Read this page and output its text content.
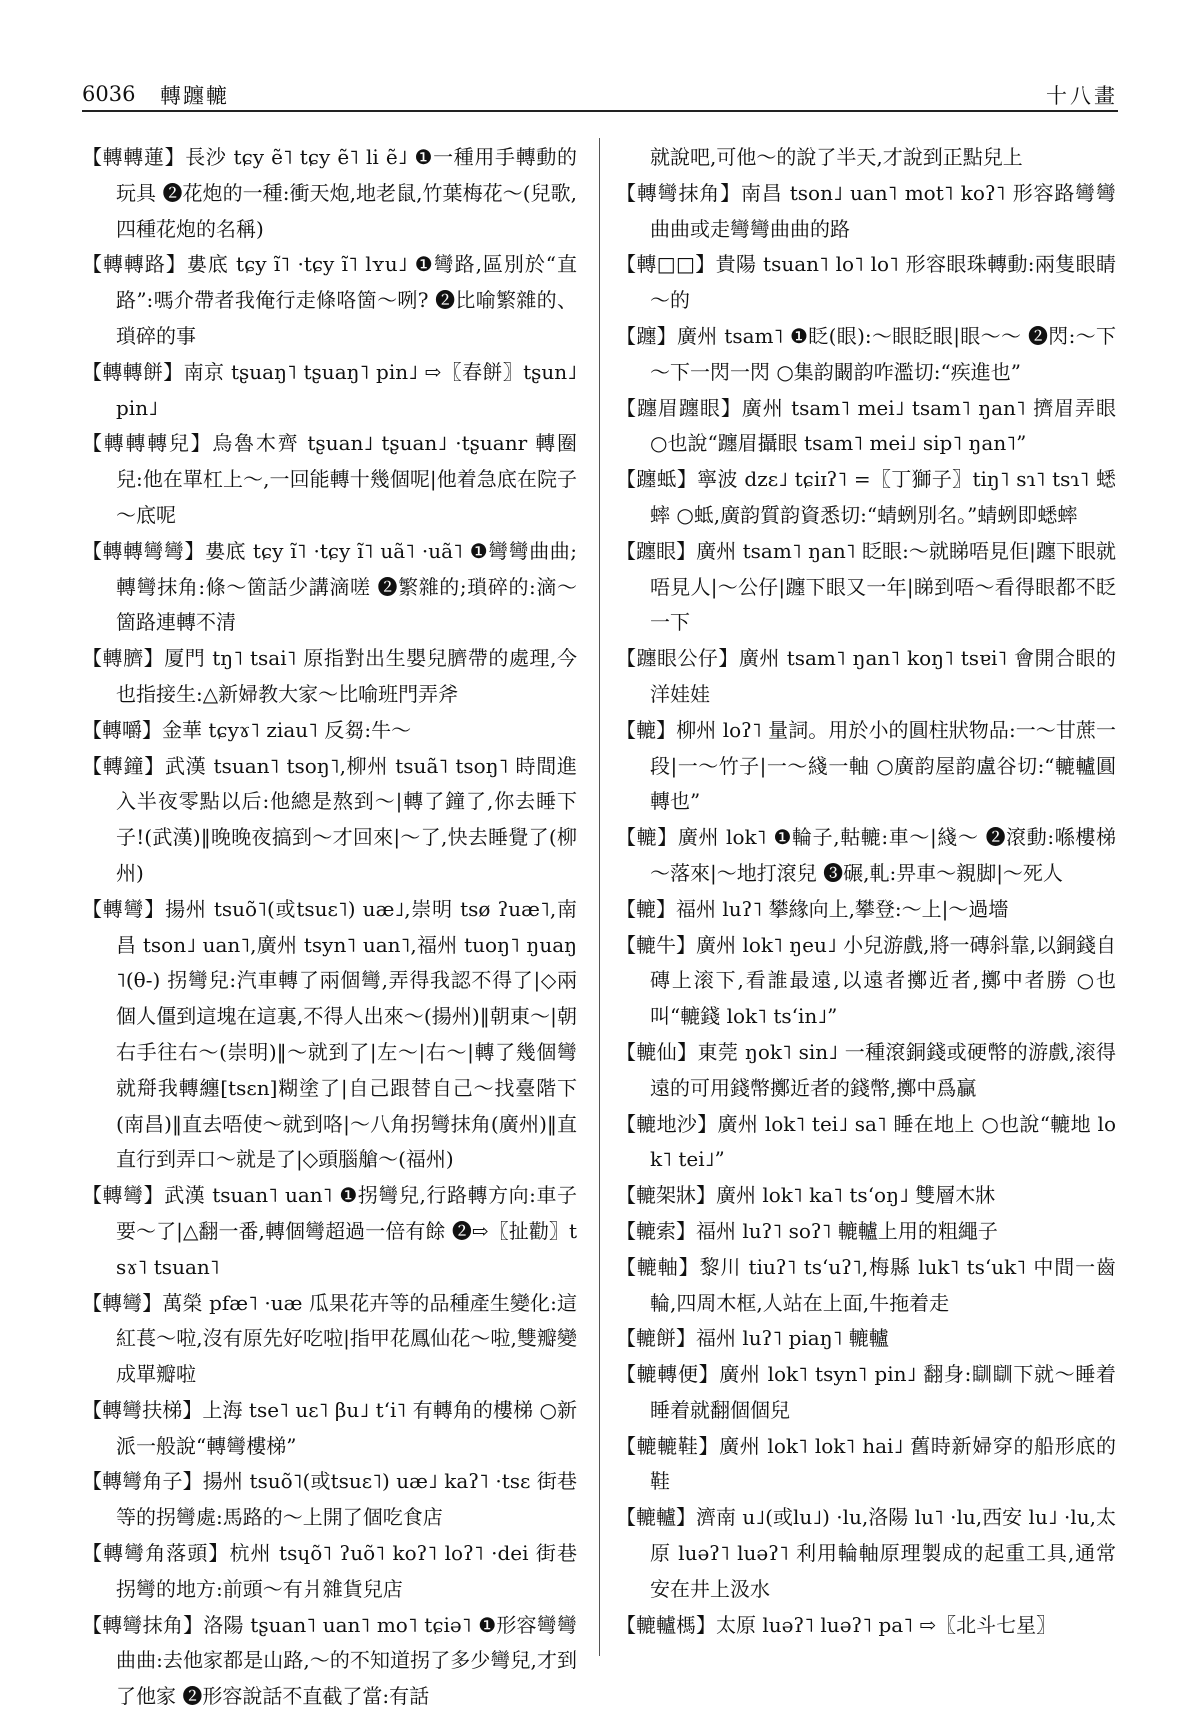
6036 轉躔轆	十八畫

【轉轉蓮】長沙 tɕy ẽ˥ tɕy ẽ˥ li ẽ˩ ❶一種用手轉動的玩具 ❷花炮的一種:衝天炮,地老鼠,竹葉梅花～(兒歌,四種花炮的名稱)

【轉轉路】婁底 tɕy ĩ˥ ·tɕy ĩ˥ lʏu˩ ❶彎路,區別於“直路”:嗎介帶者我俺行走條咯箇～咧? ❷比喻繁雜的、瑣碎的事

【轉轉餅】南京 tʂuaŋ˥ tʂuaŋ˥ pin˩ ⇨〖春餅〗tʂun˩ pin˩

【轉轉轉兒】烏魯木齊 tʂuan˩ tʂuan˩ ·tʂuanr 轉圈兒:他在單杠上～,一回能轉十幾個呢|他着急底在院子～底呢

【轉轉彎彎】婁底 tɕy ĩ˥ ·tɕy ĩ˥ uã˥ ·uã˥ ❶彎彎曲曲;轉彎抹角:條～箇話少講滴嗟 ❷繁雜的;瑣碎的:滴～箇路連轉不清

【轉臍】厦門 tŋ˥ tsai˥ 原指對出生嬰兒臍帶的處理,今也指接生:△新婦教大家～比喻班門弄斧

【轉嚼】金華 tɕyɤ˥ ziau˥ 反芻:牛～

【轉鐘】武漢 tsuan˥ tsoŋ˥,柳州 tsuã˥ tsoŋ˥ 時間進入半夜零點以后:他總是熬到～|轉了鐘了,你去睡下子!(武漢)‖晚晚夜搞到～才回來|～了,快去睡覺了(柳州)

【轉彎】揚州 tsuõ˥(或tsuɛ˥) uæ˩,崇明 tsø ʔuæ˥,南昌 tson˩ uan˥,廣州 tsyn˥ uan˥,福州 tuoŋ˥ ŋuaŋ˥(θ-) 拐彎兒:汽車轉了兩個彎,弄得我認不得了|◇兩個人僵到這塊在這裏,不得人出來～(揚州)‖朝東～|朝右手往右～(崇明)‖～就到了|左～|右～|轉了幾個彎就搿我轉纏[tsɛn]糊塗了|自己跟替自己～找臺階下(南昌)‖直去唔使～就到咯|～八角拐彎抹角(廣州)‖直直行到弄口～就是了|◇頭腦艙～(福州)

【轉彎】武漢 tsuan˥ uan˥ ❶拐彎兒,行路轉方向:車子要～了|△翻一番,轉個彎超過一倍有餘 ❷⇨〖扯勸〗tsɤ˥ tsuan˥

【轉彎】萬榮 pfæ˥ ·uæ 瓜果花卉等的品種產生變化:這紅萇～啦,沒有原先好吃啦|指甲花鳳仙花～啦,雙瓣變成單瓣啦

【轉彎扶梯】上海 tse˥ uɛ˥ βu˩ tʻi˥ 有轉角的樓梯 ○新派一般說“轉彎樓梯”

【轉彎角子】揚州 tsuõ˥(或tsuɛ˥) uæ˩ kaʔ˥ ·tsɛ 街巷等的拐彎處:馬路的～上開了個吃食店

【轉彎角落頭】杭州 tsɥõ˥ ʔuõ˥ koʔ˥ loʔ˥ ·dei 街巷拐彎的地方:前頭～有爿雜貨兒店

【轉彎抹角】洛陽 tʂuan˥ uan˥ mo˥ tɕiə˥ ❶形容彎彎曲曲:去他家都是山路,～的不知道拐了多少彎兒,才到了他家 ❷形容說話不直截了當:有話

就說吧,可他～的說了半天,才說到正點兒上

【轉彎抹角】南昌 tson˩ uan˥ mot˥ koʔ˥ 形容路彎彎曲曲或走彎彎曲曲的路

【轉□□】貴陽 tsuan˥ lo˥ lo˥ 形容眼珠轉動:兩隻眼睛～的

【躔】廣州 tsam˥ ❶眨(眼):～眼眨眼|眼～～ ❷閃:～下～下一閃一閃 ○集韵闞韵咋濫切:“疾進也”

【躔眉躔眼】廣州 tsam˥ mei˩ tsam˥ ŋan˥ 擠眉弄眼 ○也說“躔眉攝眼 tsam˥ mei˩ sip˥ ŋan˥”

【躔蚳】寧波 dzɛ˩ tɕiɪʔ˥ =〖丁獅子〗tiŋ˥ sɿ˥ tsɿ˥ 蟋蟀 ○蚳,廣韵質韵資悉切:“蜻蛚別名。”蜻蛚即蟋蟀

【躔眼】廣州 tsam˥ ŋan˥ 眨眼:～就睇唔見佢|躔下眼就唔見人|～公仔|躔下眼又一年|睇到唔～看得眼都不眨一下

【躔眼公仔】廣州 tsam˥ ŋan˥ koŋ˥ tsɐi˥ 會開合眼的洋娃娃

【轆】柳州 loʔ˥ 量詞。用於小的圓柱狀物品:一～甘蔗一段|一～竹子|一～綫一軸 ○廣韵屋韵盧谷切:“轆轤圓轉也”

【轆】廣州 lok˥ ❶輪子,軲轆:車～|綫～ ❷滾動:喺樓梯～落來|～地打滾兒 ❸碾,軋:畀車～親脚|～死人

【轆】福州 luʔ˥ 攀緣向上,攀登:～上|～過墻

【轆牛】廣州 lok˥ ŋeu˩ 小兒游戲,將一磚斜靠,以銅錢自磚上滚下,看誰最遠,以遠者擲近者,擲中者勝 ○也叫“轆錢 lok˥ tsʻin˩”

【轆仙】東莞 ŋok˥ sin˩ 一種滾銅錢或硬幣的游戲,滚得遠的可用錢幣擲近者的錢幣,擲中爲贏

【轆地沙】廣州 lok˥ tei˩ sa˥ 睡在地上 ○也說“轆地 lok˥ tei˩”

【轆架牀】廣州 lok˥ ka˥ tsʻoŋ˩ 雙層木牀

【轆索】福州 luʔ˥ soʔ˥ 轆轤上用的粗繩子

【轆軸】黎川 tiuʔ˥ tsʻuʔ˥,梅縣 luk˥ tsʻuk˥ 中間一齒輪,四周木框,人站在上面,牛拖着走

【轆餅】福州 luʔ˥ piaŋ˥ 轆轤

【轆轉便】廣州 lok˥ tsyn˥ pin˩ 翻身:瞓瞓下就～睡着睡着就翻個個兒

【轆轆鞋】廣州 lok˥ lok˥ hai˩ 舊時新婦穿的船形底的鞋

【轆轤】濟南 u˩(或lu˩) ·lu,洛陽 lu˥ ·lu,西安 lu˩ ·lu,太原 luəʔ˥ luəʔ˥ 利用輪軸原理製成的起重工具,通常安在井上汲水

【轆轤榪】太原 luəʔ˥ luəʔ˥ pa˥ ⇨〖北斗七星〗
